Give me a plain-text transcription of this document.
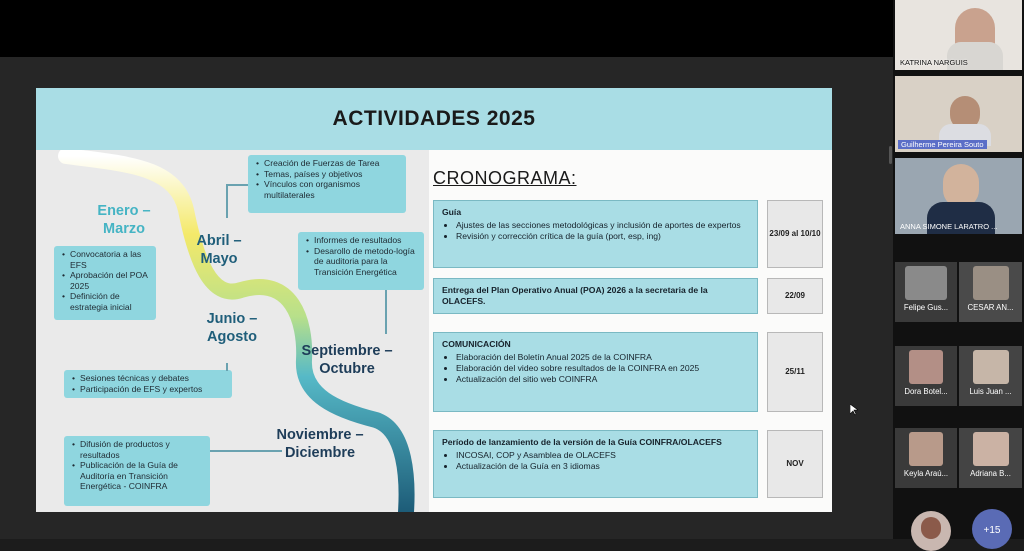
ACTIVIDADES 2025
• Creación de Fuerzas de Tarea
• Temas, países y objetivos
• Vínculos con organismos multilaterales
Enero – Marzo
Abril – Mayo
• Convocatoria a las EFS
• Aprobación del POA 2025
• Definición de estrategia inicial
• Informes de resultados
• Desarollo de metodo-logía de auditoria para la Transición Energética
Junio – Agosto
Septiembre – Octubre
• Sesiones técnicas y debates
• Participación de EFS y expertos
Noviembre – Diciembre
• Difusión de productos y resultados
• Publicación de la Guía de Auditoría en Transición Energética - COINFRA
CRONOGRAMA:
Guía
• Ajustes de las secciones metodológicas y inclusión de aportes de expertos
• Revisión y corrección crítica de la guía (port, esp, ing)	23/09 al 10/10
Entrega del Plan Operativo Anual (POA) 2026 a la secretaria de la OLACEFS.
22/09
COMUNICACIÓN
• Elaboración del Boletín Anual 2025 de la COINFRA
• Elaboración del video sobre resultados de la COINFRA en 2025
• Actualización del sitio web COINFRA
25/11
Período de lanzamiento de la versión de la Guía COINFRA/OLACEFS
• INCOSAI, COP y Asamblea de OLACEFS
• Actualización de la Guía en 3 idiomas	NOV
KATRINA NARGUIS
Guilherme Pereira Souto
ANNA SIMONE LARATRO ...
Felipe Gus...	CESAR AN...
Dora Botel...	Luis Juan ...
Keyla Araú...	Adriana B...
+15
